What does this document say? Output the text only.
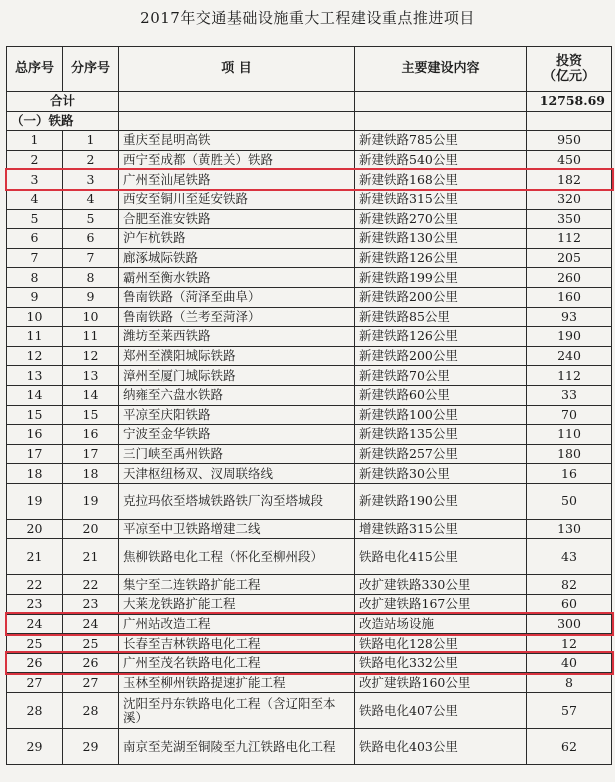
2017年交通基础设施重大工程建设重点推进项目
总序号	分序号	项 目	主要建设内容	投资
（亿元）
合计				12758.69
（一）铁路				
1	1	重庆至昆明高铁	新建铁路785公里	950
2	2	西宁至成都（黄胜关）铁路	新建铁路540公里	450
3	3	广州至汕尾铁路	新建铁路168公里	182
4	4	西安至铜川至延安铁路	新建铁路315公里	320
5	5	合肥至淮安铁路	新建铁路270公里	350
6	6	沪乍杭铁路	新建铁路130公里	112
7	7	廊涿城际铁路	新建铁路126公里	205
8	8	霸州至衡水铁路	新建铁路199公里	260
9	9	鲁南铁路（菏泽至曲阜）	新建铁路200公里	160
10	10	鲁南铁路（兰考至菏泽）	新建铁路85公里	93
11	11	潍坊至莱西铁路	新建铁路126公里	190
12	12	郑州至濮阳城际铁路	新建铁路200公里	240
13	13	漳州至厦门城际铁路	新建铁路70公里	112
14	14	纳雍至六盘水铁路	新建铁路60公里	33
15	15	平凉至庆阳铁路	新建铁路100公里	70
16	16	宁波至金华铁路	新建铁路135公里	110
17	17	三门峡至禹州铁路	新建铁路257公里	180
18	18	天津枢纽杨双、汊周联络线	新建铁路30公里	16
19	19	克拉玛依至塔城铁路铁厂沟至塔城段	新建铁路190公里	50
20	20	平凉至中卫铁路增建二线	增建铁路315公里	130
21	21	焦柳铁路电化工程（怀化至柳州段）	铁路电化415公里	43
22	22	集宁至二连铁路扩能工程	改扩建铁路330公里	82
23	23	大莱龙铁路扩能工程	改扩建铁路167公里	60
24	24	广州站改造工程	改造站场设施	300
25	25	长春至吉林铁路电化工程	铁路电化128公里	12
26	26	广州至茂名铁路电化工程	铁路电化332公里	40
27	27	玉林至柳州铁路提速扩能工程	改扩建铁路160公里	8
28	28	沈阳至丹东铁路电化工程（含辽阳至本溪）	铁路电化407公里	57
29	29	南京至芜湖至铜陵至九江铁路电化工程	铁路电化403公里	62
